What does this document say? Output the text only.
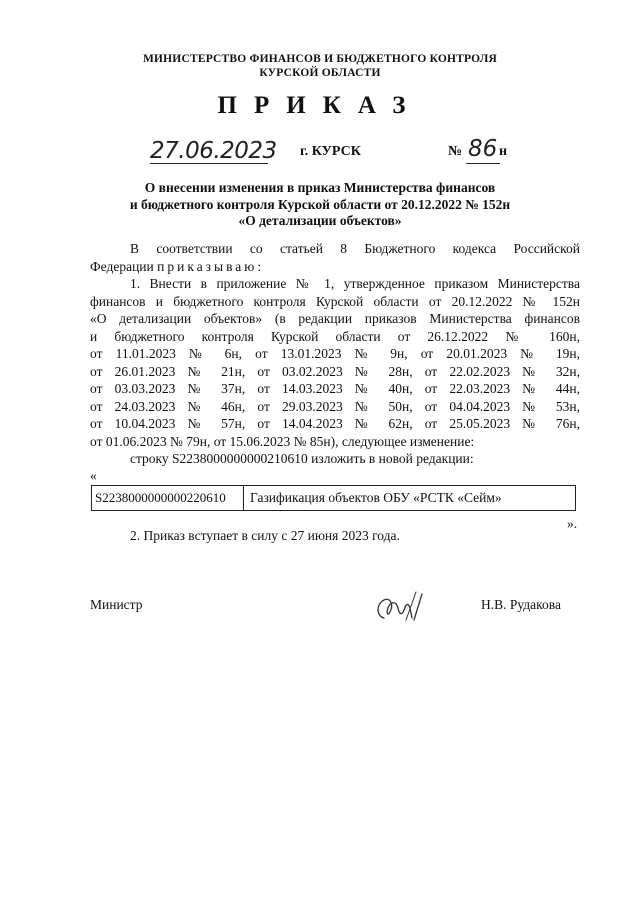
МИНИСТЕРСТВО ФИНАНСОВ И БЮДЖЕТНОГО КОНТРОЛЯ
КУРСКОЙ ОБЛАСТИ
ПРИКАЗ
27.06.2023 г. КУРСК	№ 86 н
О внесении изменения в приказ Министерства финансов
и бюджетного контроля Курской области от 20.12.2022 № 152н
«О детализации объектов»
В соответствии со статьей 8 Бюджетного кодекса Российской
Федерации приказываю:
1. Внести в приложение № 1, утвержденное приказом Министерства
финансов и бюджетного контроля Курской области от 20.12.2022 № 152н
«О детализации объектов» (в редакции приказов Министерства финансов
и бюджетного контроля Курской области от 26.12.2022 № 160н,
от 11.01.2023 № 6н, от 13.01.2023 № 9н, от 20.01.2023 № 19н,
от 26.01.2023 № 21н, от 03.02.2023 № 28н, от 22.02.2023 № 32н,
от 03.03.2023 № 37н, от 14.03.2023 № 40н, от 22.03.2023 № 44н,
от 24.03.2023 № 46н, от 29.03.2023 № 50н, от 04.04.2023 № 53н,
от 10.04.2023 № 57н, от 14.04.2023 № 62н, от 25.05.2023 № 76н,
от 01.06.2023 № 79н, от 15.06.2023 № 85н), следующее изменение:
строку S2238000000000210610 изложить в новой редакции:
«
S2238000000000220610	Газификация объектов ОБУ «РСТК «Сейм»
».
2. Приказ вступает в силу с 27 июня 2023 года.
Министр	Н.В. Рудакова
